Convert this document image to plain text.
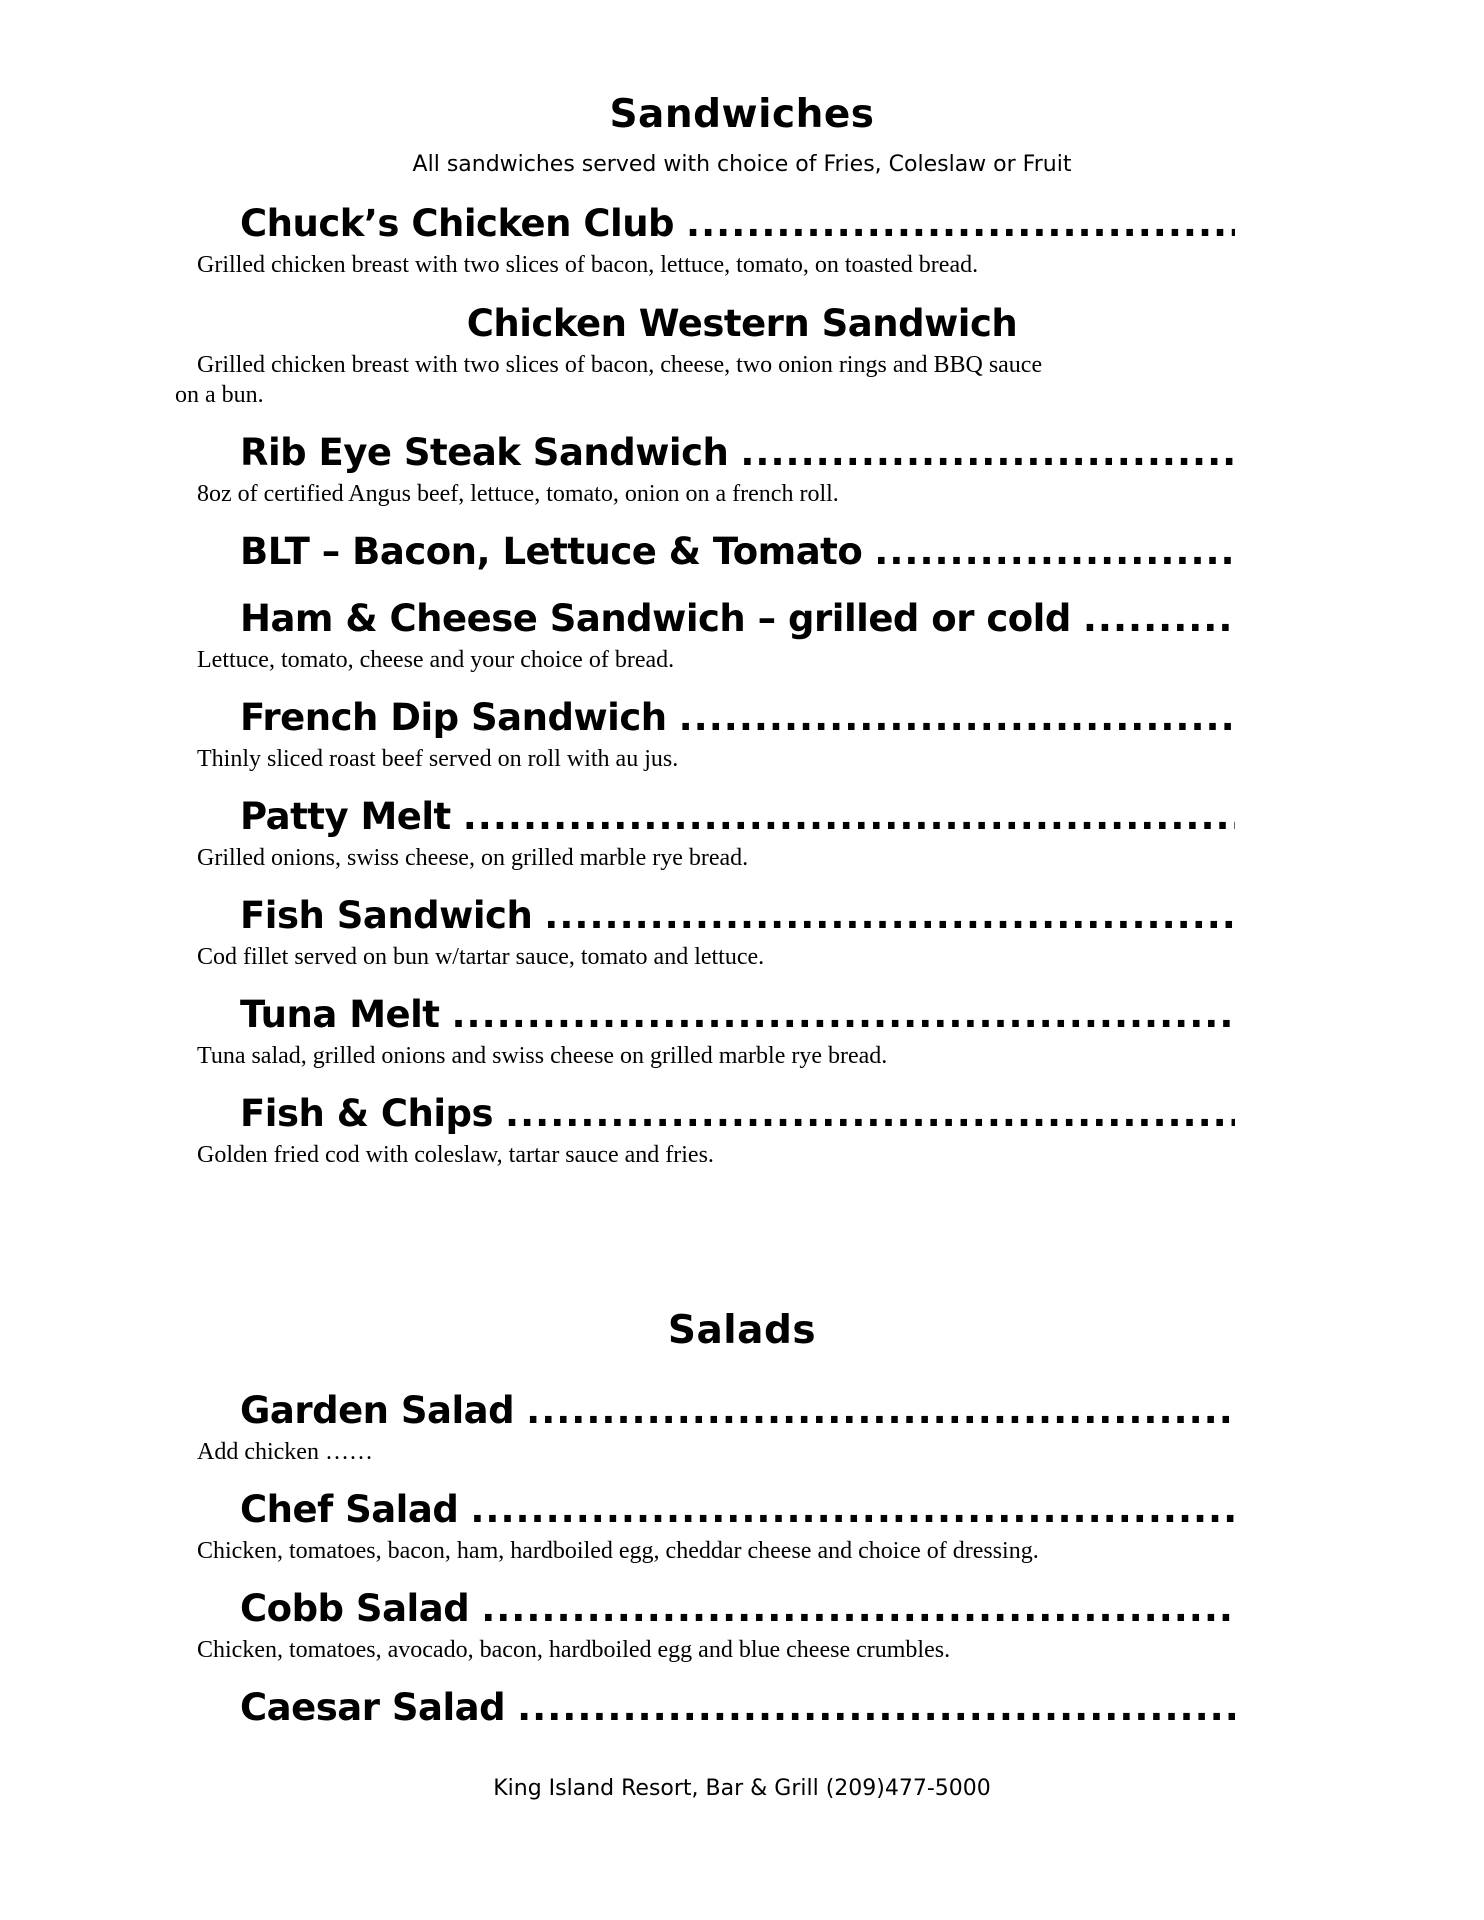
Sandwiches

All sandwiches served with choice of Fries, Coleslaw or Fruit

Chuck’s Chicken Club
.....

Grilled chicken breast with two slices of bacon, lettuce, tomato, on toasted bread.

Chicken Western Sandwich
Grilled chicken breast with two slices of bacon, cheese, two onion rings and BBQ sauce
on a bun.
Rib Eye Steak Sandwich
.....

8oz of certified Angus beef, lettuce, tomato, onion on a french roll.

BLT – Bacon, Lettuce & Tomato
.....
Ham & Cheese Sandwich – grilled or cold
.....

Lettuce, tomato, cheese and your choice of bread.

French Dip Sandwich
.....

Thinly sliced roast beef served on roll with au jus.

Patty Melt
.....

Grilled onions, swiss cheese, on grilled marble rye bread.

Fish Sandwich
.....

Cod fillet served on bun w/tartar sauce, tomato and lettuce.

Tuna Melt
.....

Tuna salad, grilled onions and swiss cheese on grilled marble rye bread.

Fish & Chips
.....

Golden fried cod with coleslaw, tartar sauce and fries.

Salads
Garden Salad
.....

Add chicken ……

Chef Salad
.....

Chicken, tomatoes, bacon, ham, hardboiled egg, cheddar cheese and choice of dressing.

Cobb Salad
.....

Chicken, tomatoes, avocado, bacon, hardboiled egg and blue cheese crumbles.

Caesar Salad
.....

King Island Resort, Bar & Grill (209)477-5000
